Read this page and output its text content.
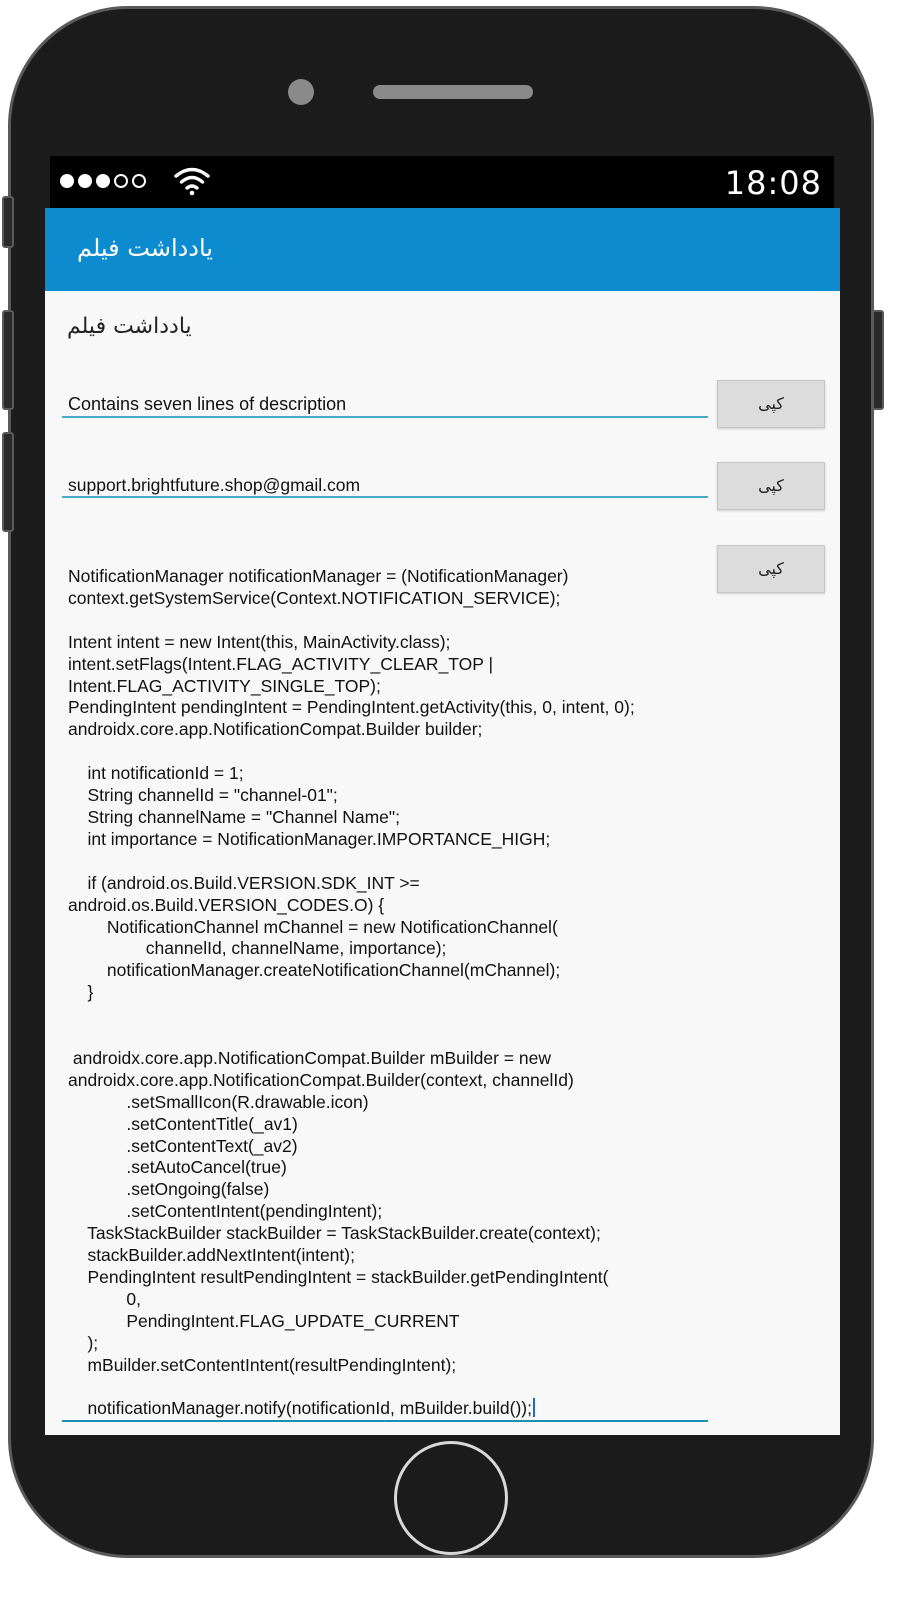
18:08
یادداشت فیلم
یادداشت فیلم
Contains seven lines of description	کپی
support.brightfuture.shop@gmail.com	کپی
کپی
NotificationManager notificationManager = (NotificationManager)
context.getSystemService(Context.NOTIFICATION_SERVICE);

Intent intent = new Intent(this, MainActivity.class);
intent.setFlags(Intent.FLAG_ACTIVITY_CLEAR_TOP |
Intent.FLAG_ACTIVITY_SINGLE_TOP);
PendingIntent pendingIntent = PendingIntent.getActivity(this, 0, intent, 0);
androidx.core.app.NotificationCompat.Builder builder;

int notificationId = 1;
String channelId = "channel-01";
String channelName = "Channel Name";
int importance = NotificationManager.IMPORTANCE_HIGH;

if (android.os.Build.VERSION.SDK_INT >=
android.os.Build.VERSION_CODES.O) {
NotificationChannel mChannel = new NotificationChannel(
channelId, channelName, importance);
notificationManager.createNotificationChannel(mChannel);
}

androidx.core.app.NotificationCompat.Builder mBuilder = new
androidx.core.app.NotificationCompat.Builder(context, channelId)
.setSmallIcon(R.drawable.icon)
.setContentTitle(_av1)
.setContentText(_av2)
.setAutoCancel(true)
.setOngoing(false)
.setContentIntent(pendingIntent);
TaskStackBuilder stackBuilder = TaskStackBuilder.create(context);
stackBuilder.addNextIntent(intent);
PendingIntent resultPendingIntent = stackBuilder.getPendingIntent(
0,
PendingIntent.FLAG_UPDATE_CURRENT
);
mBuilder.setContentIntent(resultPendingIntent);

notificationManager.notify(notificationId, mBuilder.build());
